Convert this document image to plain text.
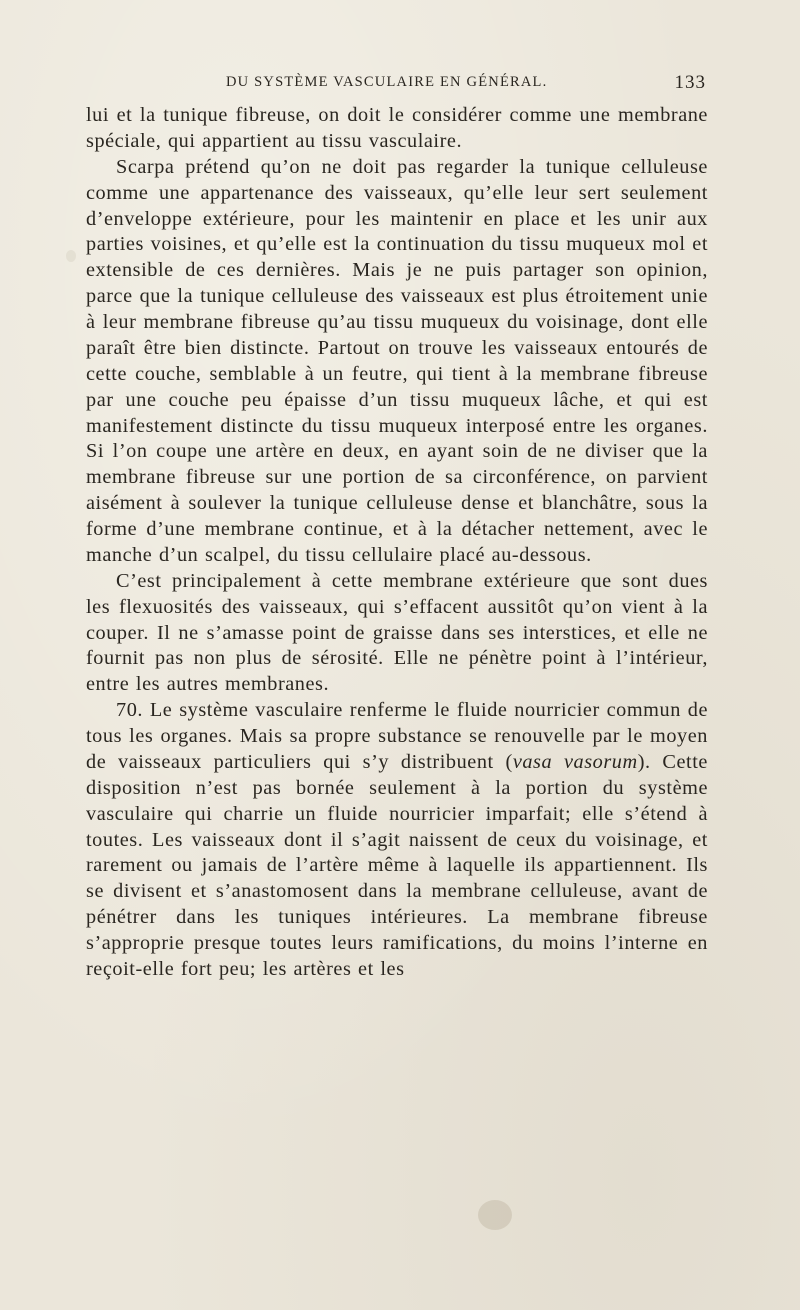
DU SYSTÈME VASCULAIRE EN GÉNÉRAL.	133

lui et la tunique fibreuse, on doit le considérer comme une membrane spéciale, qui appartient au tissu vasculaire.

Scarpa prétend qu’on ne doit pas regarder la tunique celluleuse comme une appartenance des vaisseaux, qu’elle leur sert seulement d’enveloppe extérieure, pour les maintenir en place et les unir aux parties voisines, et qu’elle est la continuation du tissu muqueux mol et extensible de ces dernières. Mais je ne puis partager son opinion, parce que la tunique celluleuse des vaisseaux est plus étroitement unie à leur membrane fibreuse qu’au tissu muqueux du voisinage, dont elle paraît être bien distincte. Partout on trouve les vaisseaux entourés de cette couche, semblable à un feutre, qui tient à la membrane fibreuse par une couche peu épaisse d’un tissu muqueux lâche, et qui est manifestement distincte du tissu muqueux interposé entre les organes. Si l’on coupe une artère en deux, en ayant soin de ne diviser que la membrane fibreuse sur une portion de sa circonférence, on parvient aisément à soulever la tunique celluleuse dense et blanchâtre, sous la forme d’une membrane continue, et à la détacher nettement, avec le manche d’un scalpel, du tissu cellulaire placé au-dessous.

C’est principalement à cette membrane extérieure que sont dues les flexuosités des vaisseaux, qui s’effacent aussitôt qu’on vient à la couper. Il ne s’amasse point de graisse dans ses interstices, et elle ne fournit pas non plus de sérosité. Elle ne pénètre point à l’intérieur, entre les autres membranes.

70. Le système vasculaire renferme le fluide nourricier commun de tous les organes. Mais sa propre substance se renouvelle par le moyen de vaisseaux particuliers qui s’y distribuent (vasa vasorum). Cette disposition n’est pas bornée seulement à la portion du système vasculaire qui charrie un fluide nourricier imparfait; elle s’étend à toutes. Les vaisseaux dont il s’agit naissent de ceux du voisinage, et rarement ou jamais de l’artère même à laquelle ils appartiennent. Ils se divisent et s’anastomosent dans la membrane celluleuse, avant de pénétrer dans les tuniques intérieures. La membrane fibreuse s’approprie presque toutes leurs ramifications, du moins l’interne en reçoit-elle fort peu; les artères et les
